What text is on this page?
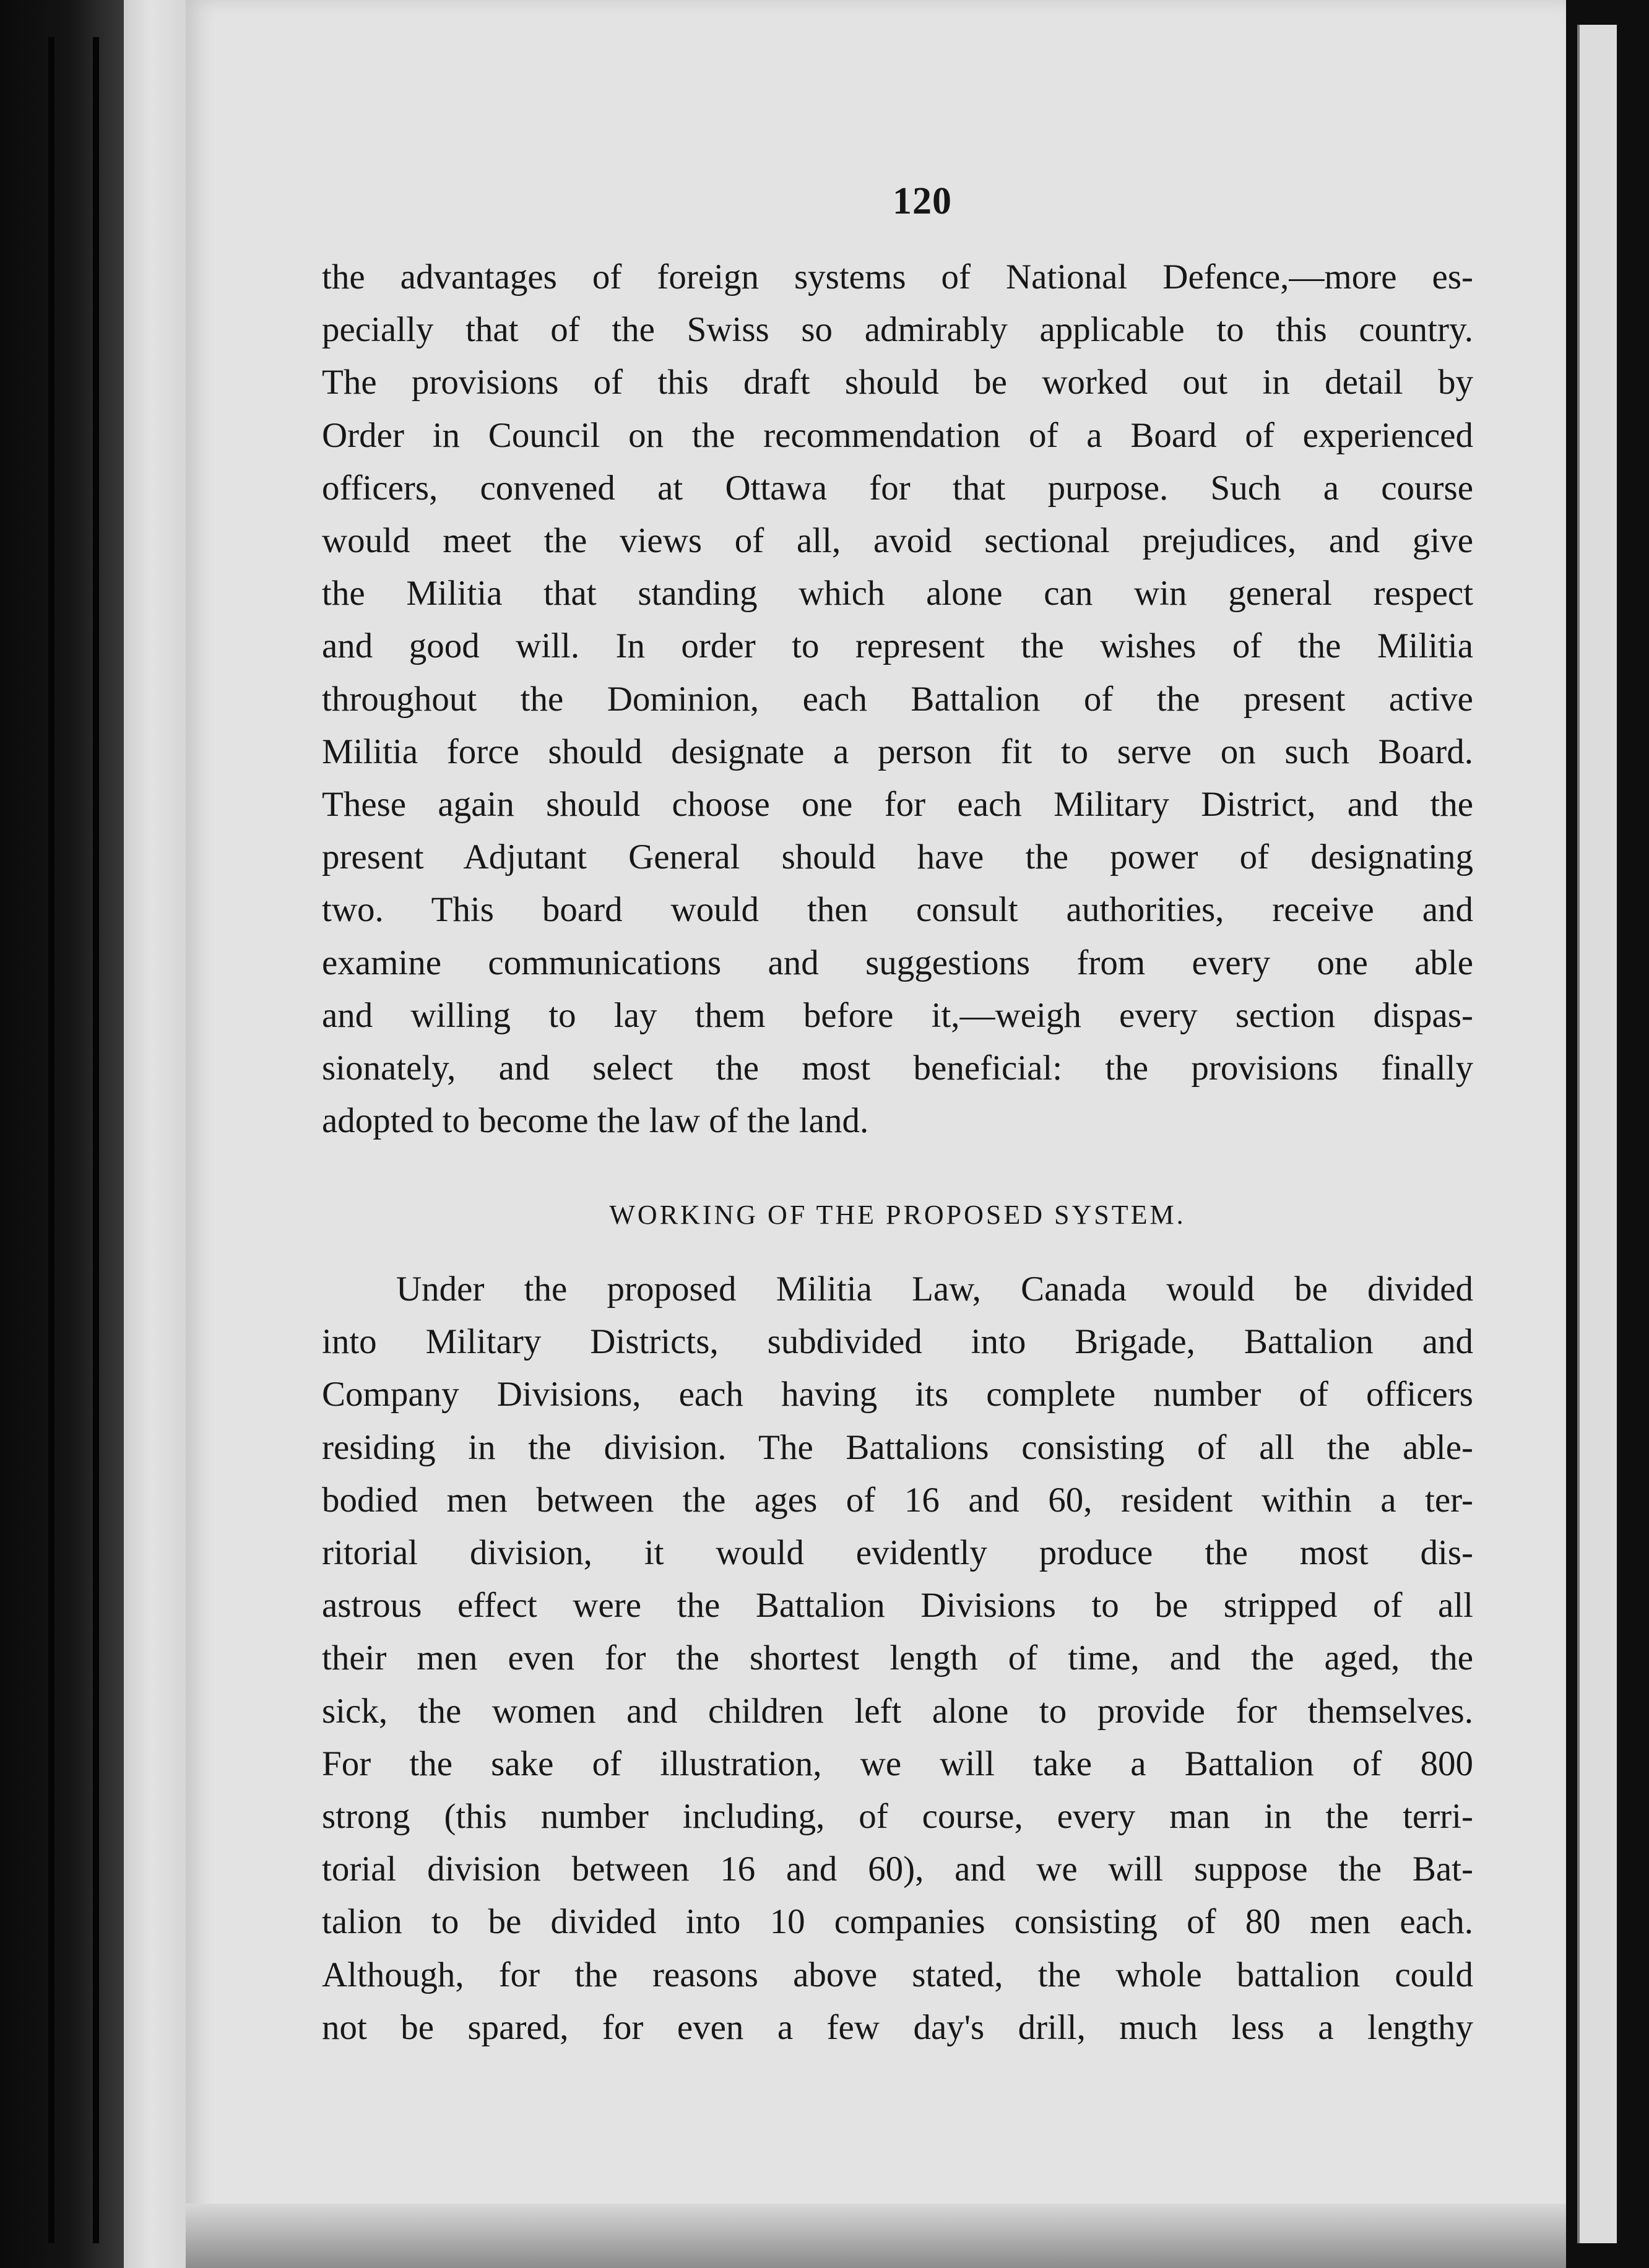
120
the advantages of foreign systems of National Defence,—more es-
pecially that of the Swiss so admirably applicable to this country.
The provisions of this draft should be worked out in detail by
Order in Council on the recommendation of a Board of experienced
officers, convened at Ottawa for that purpose. Such a course
would meet the views of all, avoid sectional prejudices, and give
the Militia that standing which alone can win general respect
and good will. In order to represent the wishes of the Militia
throughout the Dominion, each Battalion of the present active
Militia force should designate a person fit to serve on such Board.
These again should choose one for each Military District, and the
present Adjutant General should have the power of designating
two. This board would then consult authorities, receive and
examine communications and suggestions from every one able
and willing to lay them before it,—weigh every section dispas-
sionately, and select the most beneficial: the provisions finally
adopted to become the law of the land.
WORKING OF THE PROPOSED SYSTEM.
Under the proposed Militia Law, Canada would be divided
into Military Districts, subdivided into Brigade, Battalion and
Company Divisions, each having its complete number of officers
residing in the division. The Battalions consisting of all the able-
bodied men between the ages of 16 and 60, resident within a ter-
ritorial division, it would evidently produce the most dis-
astrous effect were the Battalion Divisions to be stripped of all
their men even for the shortest length of time, and the aged, the
sick, the women and children left alone to provide for themselves.
For the sake of illustration, we will take a Battalion of 800
strong (this number including, of course, every man in the terri-
torial division between 16 and 60), and we will suppose the Bat-
talion to be divided into 10 companies consisting of 80 men each.
Although, for the reasons above stated, the whole battalion could
not be spared, for even a few day's drill, much less a lengthy
